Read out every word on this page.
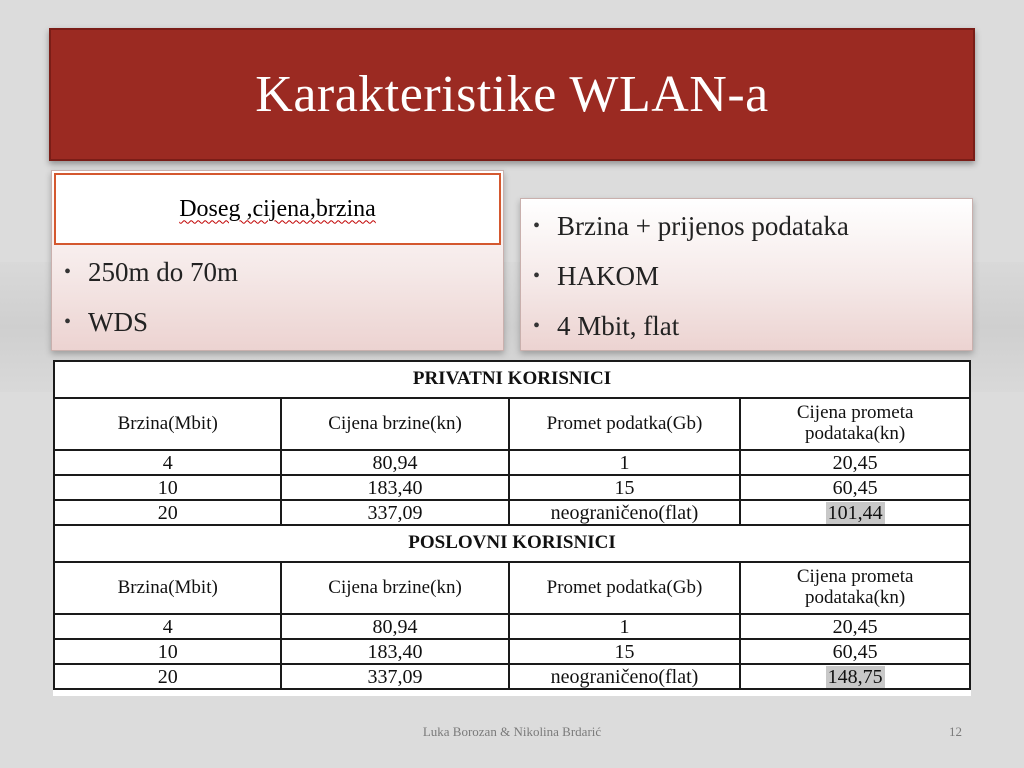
Karakteristike WLAN-a
Doseg ,cijena,brzina
• 250m do 70m
• WDS
• Brzina + prijenos podataka
• HAKOM
• 4 Mbit, flat
PRIVATNI KORISNICI			
Brzina(Mbit)	Cijena brzine(kn)	Promet podatka(Gb)	Cijena prometa podataka(kn)
4	80,94	1	20,45
10	183,40	15	60,45
20	337,09	neograničeno(flat)	101,44
POSLOVNI KORISNICI			
Brzina(Mbit)	Cijena brzine(kn)	Promet podatka(Gb)	Cijena prometa podataka(kn)
4	80,94	1	20,45
10	183,40	15	60,45
20	337,09	neograničeno(flat)	148,75
Luka Borozan & Nikolina Brdarić	12
